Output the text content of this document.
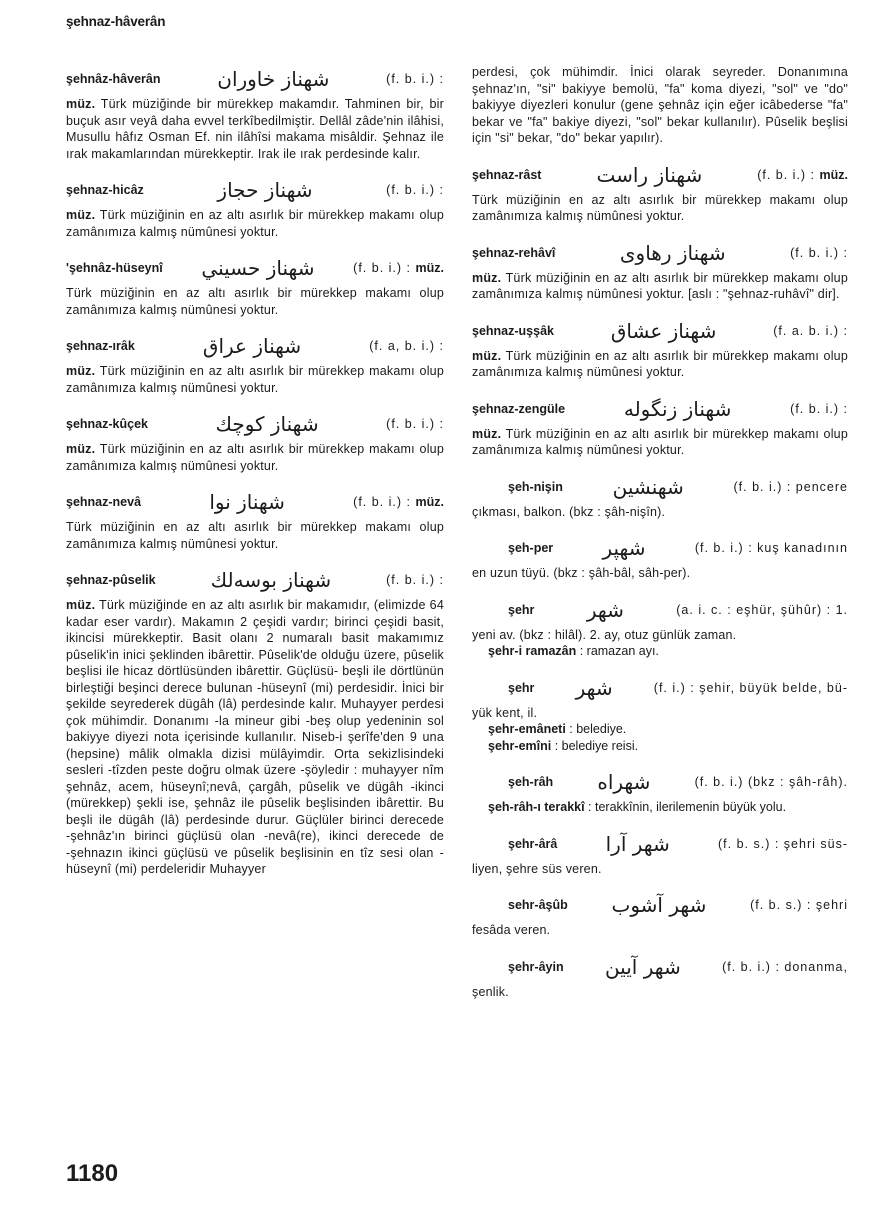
şehnaz-hâverân
şehnâz-hâverân	شهناز خاوران	(f. b. i.) :
müz. Türk müziğinde bir mürekkep makamdır. Tahminen bir, bir buçuk asır veyâ daha evvel terkîbedilmiştir. Dellâl zâde'nin ilâhisi, Musullu hâfız Osman Ef. nin ilâhîsi makama misâldir. Şehnaz ile ırak makamlarından mürekkeptir. Irak ile ırak perdesinde kalır.
şehnaz-hicâz	شهناز حجاز	(f. b. i.) :
müz. Türk müziğinin en az altı asırlık bir mürekkep makamı olup zamânımıza kalmış nümûnesi yoktur.
'şehnâz-hüseynî شهناز حسيني	(f. b. i.) : müz.
Türk müziğinin en az altı asırlık bir mürekkep makamı olup zamânımıza kalmış nümûnesi yoktur.
şehnaz-ırâk	شهناز عراق	(f. a, b. i.) :
müz. Türk müziğinin en az altı asırlık bir mürekkep makamı olup zamânımıza kalmış nümûnesi yoktur.
şehnaz-kûçek	شهناز كوچك	(f. b. i.) :
müz. Türk müziğinin en az altı asırlık bir mürekkep makamı olup zamânımıza kalmış nümûnesi yoktur.
şehnaz-nevâ	شهناز نوا	(f. b. i.) : müz.
Türk müziğinin en az altı asırlık bir mürekkep makamı olup zamânımıza kalmış nümûnesi yoktur.
şehnaz-pûselik	شهناز بوسه‌لك	(f. b. i.) :
müz. Türk müziğinde en az altı asırlık bir makamıdır, (elimizde 64 kadar eser vardır). Makamın 2 çeşidi vardır; birinci çeşidi basit, ikincisi mürekkeptir. Basit olanı 2 numaralı basit makamımız pûselik'in inici şeklinden ibârettir. Pûselik'de olduğu üzere, pûselik beşlisi ile hicaz dörtlüsünden ibârettir. Güçlüsü- beşli ile dörtlünün birleştiği beşinci derece bulunan -hüseynî (mi) perdesidir. İnici bir şekilde seyrederek dügâh (lâ) perdesinde kalır. Muhayyer perdesi çok mühimdir. Donanımı -la mineur gibi -beş olup yedeninin sol bakiyye diyezi nota içerisinde kullanılır. Niseb-i şerîfe'den 9 una (hepsine) mâlik olmakla dizisi mülâyimdir. Orta sekizlisindeki sesleri -tîzden peste doğru olmak üzere -şöyledir : muhayyer nîm şehnâz, acem, hüseynî;nevâ, çargâh, pûselik ve dügâh -ikinci (mürekkep) şekli ise, şehnâz ile pûselik beşlisinden ibârettir. Bu beşli ile dügâh (lâ) perdesinde durur. Güçlüler birinci derecede -şehnâz'ın birinci güçlüsü olan -nevâ(re), ikinci derecede de -şehnazın ikinci güçlüsü ve pûselik beşlisinin en tîz sesi olan -hüseynî (mi) perdeleridir Muhayyer
perdesi, çok mühimdir. İnici olarak seyreder. Donanımına şehnaz'ın, "si" bakiyye bemolü, "fa" koma diyezi, "sol" ve "do" bakiyye diyezleri konulur (gene şehnâz için eğer icâbederse "fa" bekar ve "fa" bakiye diyezi, "sol" bekar kullanılır). Pûselik beşlisi için "si" bekar, "do" bekar yapılır).
şehnaz-râst	شهناز راست	(f. b. i.) : müz.
Türk müziğinin en az altı asırlık bir mürekkep makamı olup zamânımıza kalmış nümûnesi yoktur.
şehnaz-rehâvî	شهناز رهاوى	(f. b. i.) :
müz. Türk müziğinin en az altı asırlık bir mürekkep makamı olup zamânımıza kalmış nümûnesi yoktur. [aslı : "şehnaz-ruhâvî" dir].
şehnaz-uşşâk	شهناز عشاق	(f. a. b. i.) :
müz. Türk müziğinin en az altı asırlık bir mürekkep makamı olup zamânımıza kalmış nümûnesi yoktur.
şehnaz-zengüle	شهناز زنگوله	(f. b. i.) :
müz. Türk müziğinin en az altı asırlık bir mürekkep makamı olup zamânımıza kalmış nümûnesi yoktur.
şeh-nişin شهنشين	(f. b. i.) : pencere
çıkması, balkon. (bkz : şâh-nişîn).
şeh-per شهپر	(f. b. i.) : kuş kanadının
en uzun tüyü. (bkz : şâh-bâl, sâh-per).
şehr	شهر	(a. i. c. : eşhür, şühûr) : 1.
yeni av. (bkz : hilâl). 2. ay, otuz günlük zaman.
şehr-i ramazân : ramazan ayı.
şehr شهر	(f. i.) : şehir, büyük belde, bü-
yük kent, il.
şehr-emâneti : belediye.
şehr-emîni : belediye reisi.
şeh-râh شهراه	(f. b. i.) (bkz : şâh-râh).
şeh-râh-ı terakkî : terakkînin, ilerilemenin büyük yolu.
şehr-ârâ شهر آرا	(f. b. s.) : şehri süs-
liyen, şehre süs veren.
sehr-âşûb شهر آشوب	(f. b. s.) : şehri
fesâda veren.
şehr-âyin شهر آيين	(f. b. i.) : donanma,
şenlik.
1180
